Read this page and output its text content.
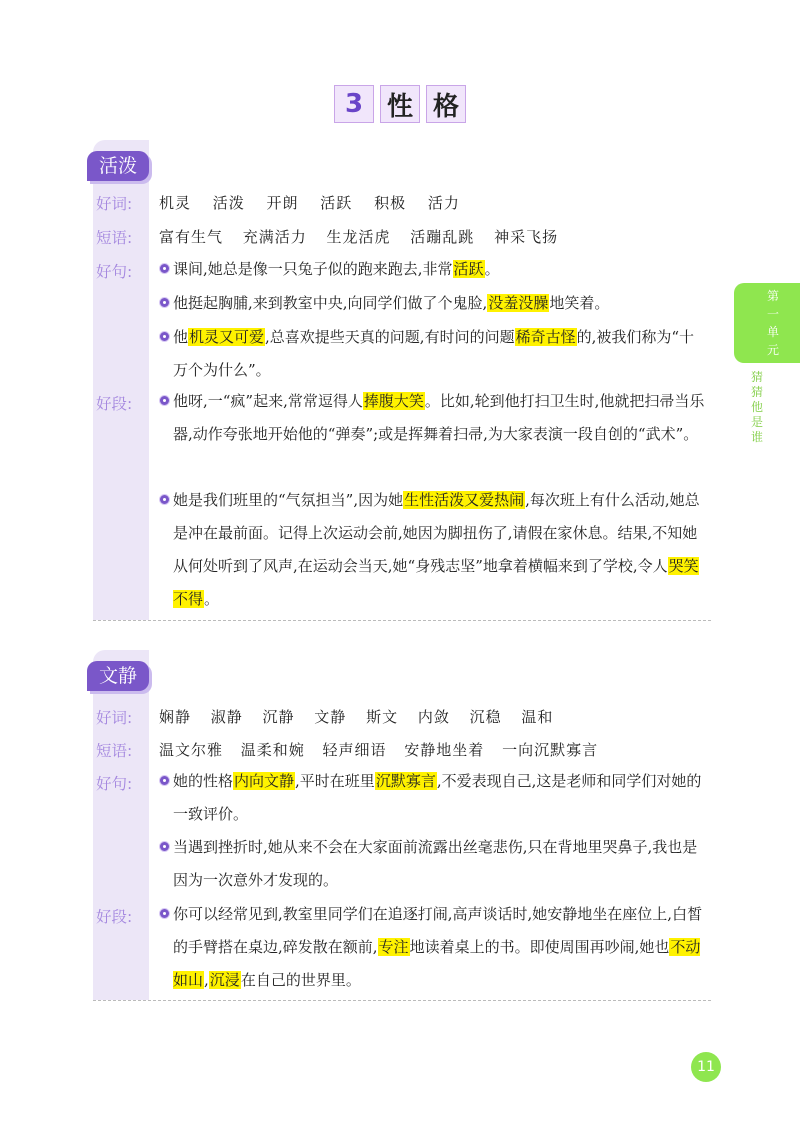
3 性 格
第一单元
猜猜他是谁
活泼
好词:	机灵 活泼 开朗 活跃 积极 活力
短语:	富有生气 充满活力 生龙活虎 活蹦乱跳 神采飞扬
好句:	课间,她总是像一只兔子似的跑来跑去,非常活跃。

他挺起胸脯,来到教室中央,向同学们做了个鬼脸,没羞没臊地笑着。

他机灵又可爱,总喜欢提些天真的问题,有时问的问题稀奇古怪的,被我们称为“十万个为什么”。

好段:	他呀,一“疯”起来,常常逗得人捧腹大笑。比如,轮到他打扫卫生时,他就把扫帚当乐器,动作夸张地开始他的“弹奏”;或是挥舞着扫帚,为大家表演一段自创的“武术”。

她是我们班里的“气氛担当”,因为她生性活泼又爱热闹,每次班上有什么活动,她总是冲在最前面。记得上次运动会前,她因为脚扭伤了,请假在家休息。结果,不知她从何处听到了风声,在运动会当天,她“身残志坚”地拿着横幅来到了学校,令人哭笑不得。

文静
好词:	娴静 淑静 沉静 文静 斯文 内敛 沉稳 温和
短语:	温文尔雅 温柔和婉 轻声细语 安静地坐着 一向沉默寡言
好句:	她的性格内向文静,平时在班里沉默寡言,不爱表现自己,这是老师和同学们对她的一致评价。

当遇到挫折时,她从来不会在大家面前流露出丝毫悲伤,只在背地里哭鼻子,我也是因为一次意外才发现的。

好段:	你可以经常见到,教室里同学们在追逐打闹,高声谈话时,她安静地坐在座位上,白皙的手臂搭在桌边,碎发散在额前,专注地读着桌上的书。即使周围再吵闹,她也不动如山,沉浸在自己的世界里。

11
